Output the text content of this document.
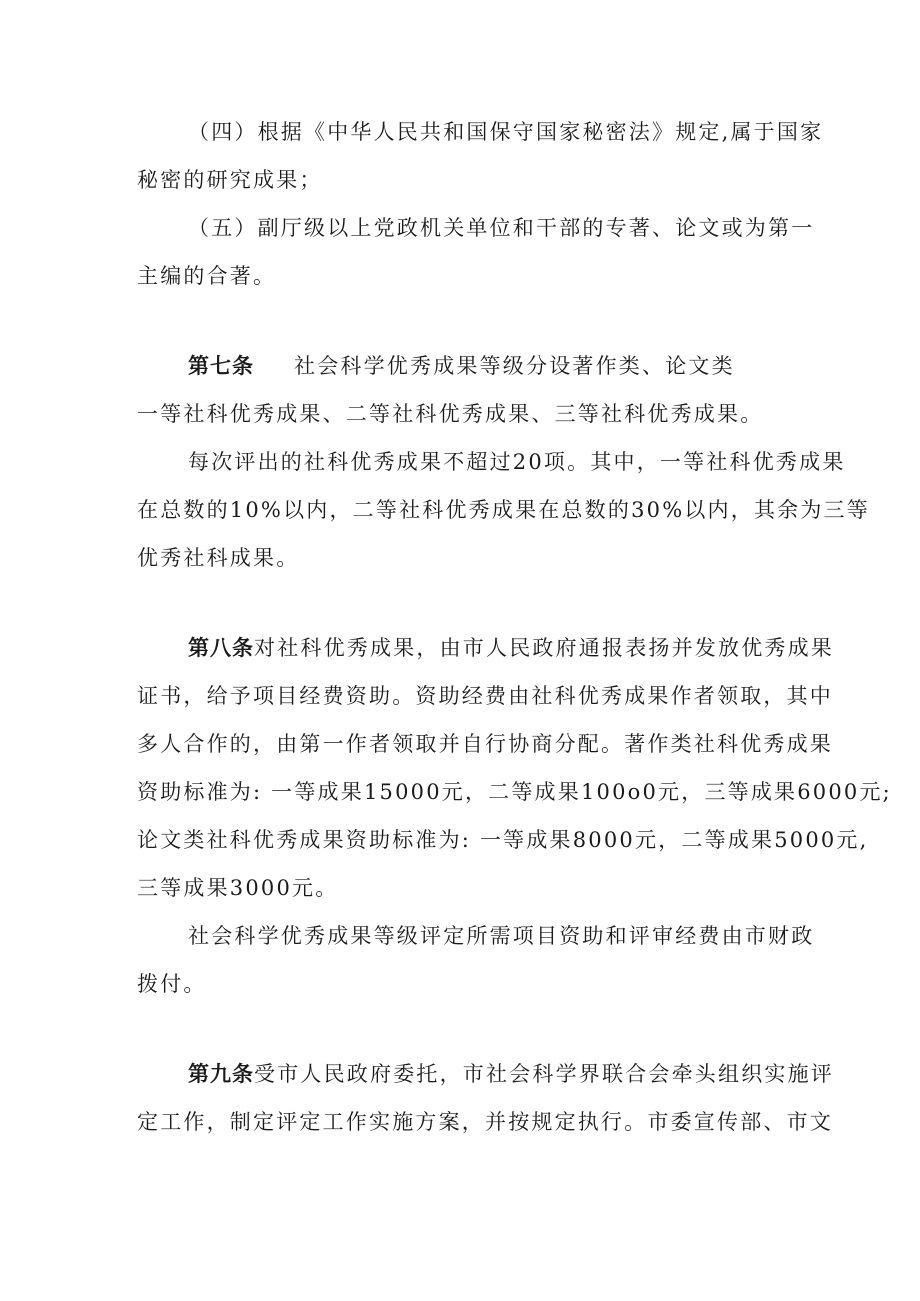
（四）根据《中华人民共和国保守国家秘密法》规定,属于国家
秘密的研究成果；
（五）副厅级以上党政机关单位和干部的专著、论文或为第一
主编的合著。
第七条 社会科学优秀成果等级分设著作类、论文类
一等社科优秀成果、二等社科优秀成果、三等社科优秀成果。
每次评出的社科优秀成果不超过20项。其中，一等社科优秀成果
在总数的10%以内，二等社科优秀成果在总数的30%以内，其余为三等
优秀社科成果。
第八条对社科优秀成果，由市人民政府通报表扬并发放优秀成果
证书，给予项目经费资助。资助经费由社科优秀成果作者领取，其中
多人合作的，由第一作者领取并自行协商分配。著作类社科优秀成果
资助标准为: 一等成果15000元，二等成果100o0元，三等成果6000元;
论文类社科优秀成果资助标准为: 一等成果8000元，二等成果5000元,
三等成果3000元。
社会科学优秀成果等级评定所需项目资助和评审经费由市财政
拨付。
第九条受市人民政府委托，市社会科学界联合会牵头组织实施评
定工作，制定评定工作实施方案，并按规定执行。市委宣传部、市文
